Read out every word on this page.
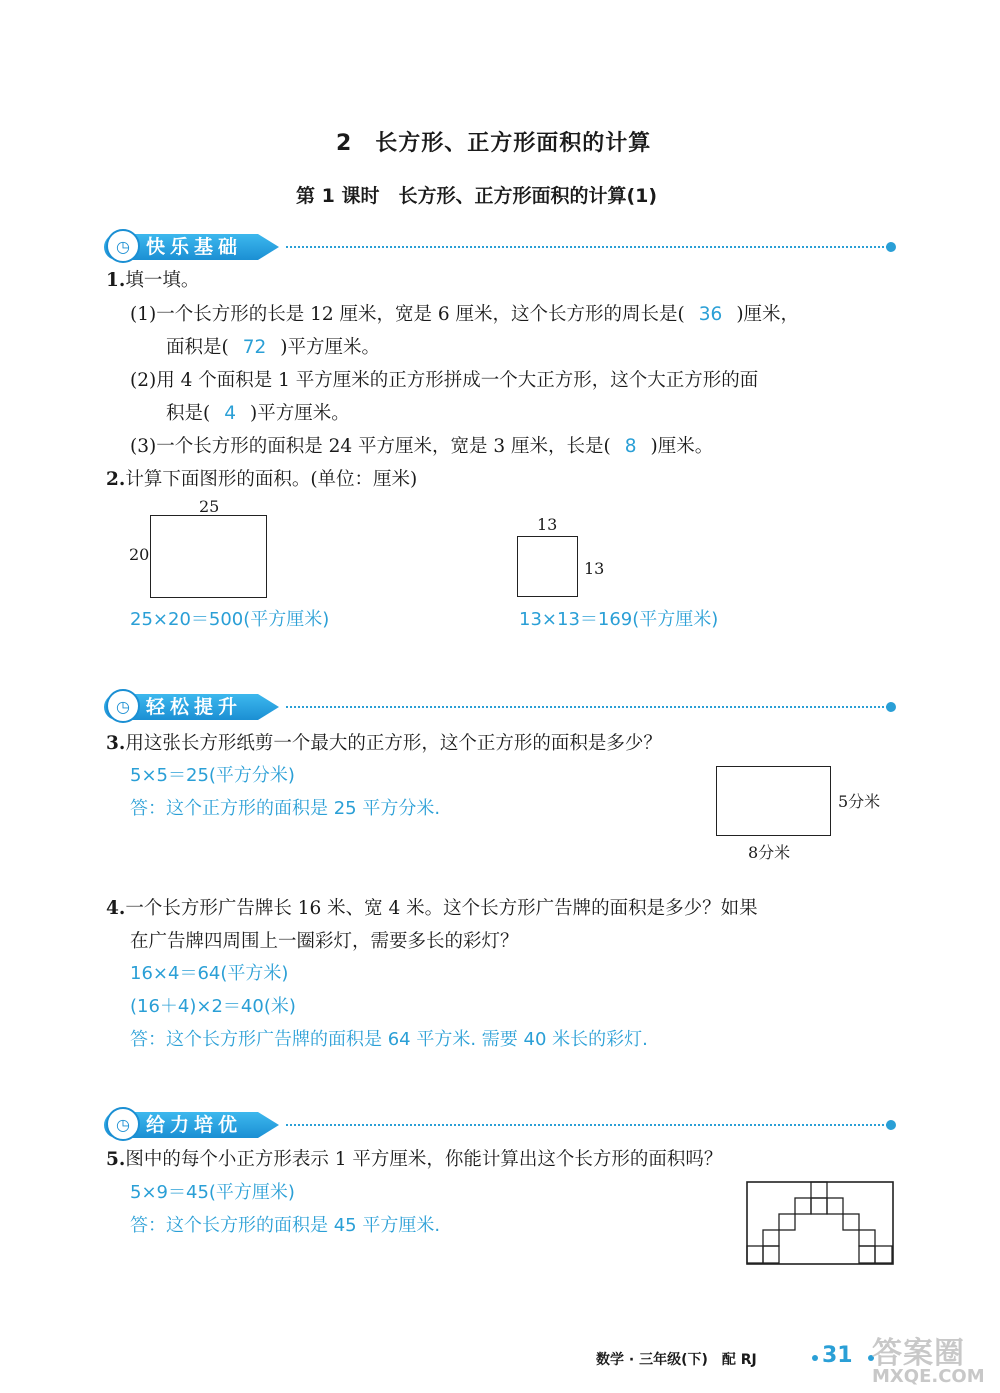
2　长方形、正方形面积的计算
第 1 课时　长方形、正方形面积的计算(1)
◷ 快乐基础
1.填一填。
(1)一个长方形的长是 12 厘米，宽是 6 厘米，这个长方形的周长是( 36 )厘米，
面积是( 72 )平方厘米。
(2)用 4 个面积是 1 平方厘米的正方形拼成一个大正方形，这个大正方形的面
积是( 4 )平方厘米。
(3)一个长方形的面积是 24 平方厘米，宽是 3 厘米，长是( 8 )厘米。
2.计算下面图形的面积。(单位：厘米)
25
20
13
13
25×20＝500(平方厘米)	13×13＝169(平方厘米)
◷ 轻松提升
3.用这张长方形纸剪一个最大的正方形，这个正方形的面积是多少？
5×5＝25(平方分米)
答：这个正方形的面积是 25 平方分米.	5分米
8分米
4.一个长方形广告牌长 16 米、宽 4 米。这个长方形广告牌的面积是多少？如果
在广告牌四周围上一圈彩灯，需要多长的彩灯？
16×4＝64(平方米)
(16＋4)×2＝40(米)
答：这个长方形广告牌的面积是 64 平方米. 需要 40 米长的彩灯.
◷ 给力培优
5.图中的每个小正方形表示 1 平方厘米，你能计算出这个长方形的面积吗？
5×9＝45(平方厘米)
答：这个长方形的面积是 45 平方厘米.
数学 · 三年级(下)　配 RJ	31 答案圈
MXQE.COM
